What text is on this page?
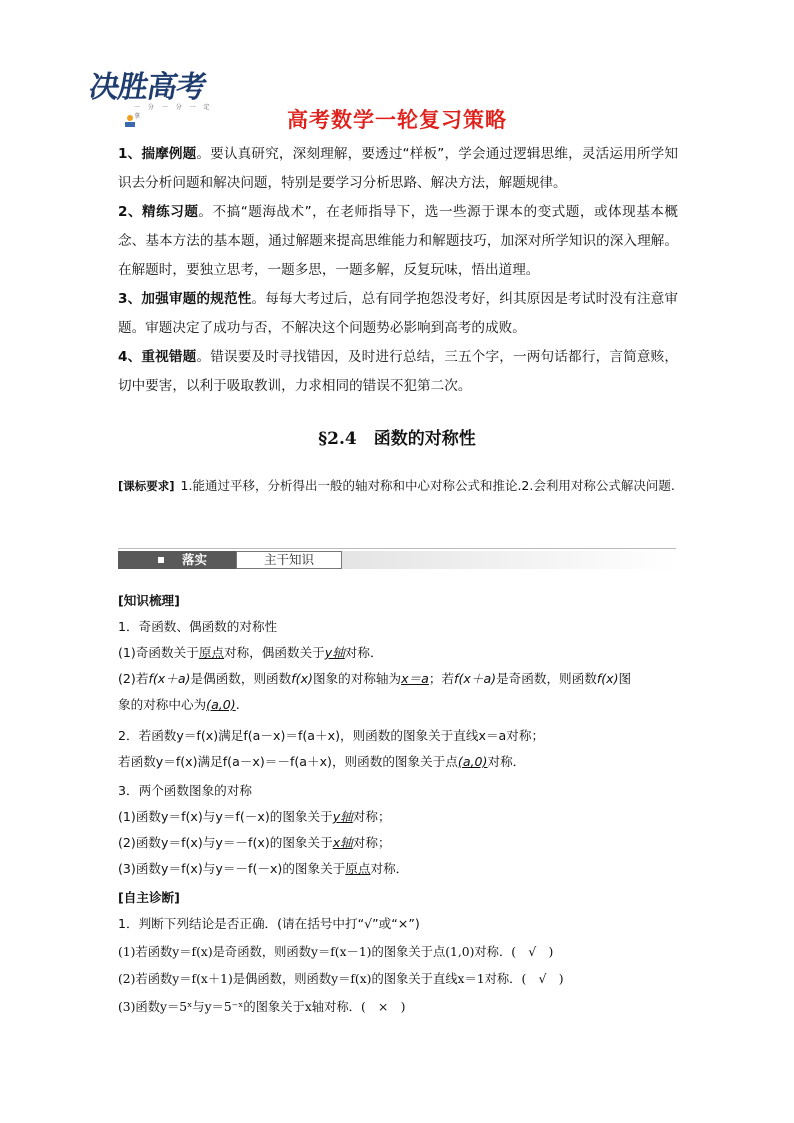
决胜高考
一 分 一 分 一 定 拿	高考数学一轮复习策略
1、揣摩例题。要认真研究，深刻理解，要透过“样板”，学会通过逻辑思维，灵活运用所学知识去分析问题和解决问题，特别是要学习分析思路、解决方法，解题规律。
2、精练习题。不搞“题海战术”，在老师指导下，选一些源于课本的变式题，或体现基本概念、基本方法的基本题，通过解题来提高思维能力和解题技巧，加深对所学知识的深入理解。在解题时，要独立思考，一题多思，一题多解，反复玩味，悟出道理。
3、加强审题的规范性。每每大考过后，总有同学抱怨没考好，纠其原因是考试时没有注意审题。审题决定了成功与否，不解决这个问题势必影响到高考的成败。
4、重视错题。错误要及时寻找错因，及时进行总结，三五个字，一两句话都行，言简意赅，切中要害，以利于吸取教训，力求相同的错误不犯第二次。
§2.4　函数的对称性
[课标要求] 1.能通过平移，分析得出一般的轴对称和中心对称公式和推论.2.会利用对称公式解决问题.
落实	主干知识
[知识梳理]
1．奇函数、偶函数的对称性
(1)奇函数关于原点对称，偶函数关于y轴对称．
(2)若f(x＋a)是偶函数，则函数f(x)图象的对称轴为x＝a；若f(x＋a)是奇函数，则函数f(x)图
象的对称中心为(a,0).
2．若函数y＝f(x)满足f(a－x)＝f(a＋x)，则函数的图象关于直线x＝a对称；
若函数y＝f(x)满足f(a－x)＝－f(a＋x)，则函数的图象关于点(a,0)对称．
3．两个函数图象的对称
(1)函数y＝f(x)与y＝f(－x)的图象关于y轴对称；
(2)函数y＝f(x)与y＝－f(x)的图象关于x轴对称；
(3)函数y＝f(x)与y＝－f(－x)的图象关于原点对称．
[自主诊断]
1．判断下列结论是否正确．(请在括号中打“√”或“×”)
(1)若函数y＝f(x)是奇函数，则函数y＝f(x－1)的图象关于点(1,0)对称．(　√　)
(2)若函数y＝f(x＋1)是偶函数，则函数y＝f(x)的图象关于直线x＝1对称．(　√　)
(3)函数y＝5ˣ与y＝5⁻ˣ的图象关于x轴对称．(　×　)
